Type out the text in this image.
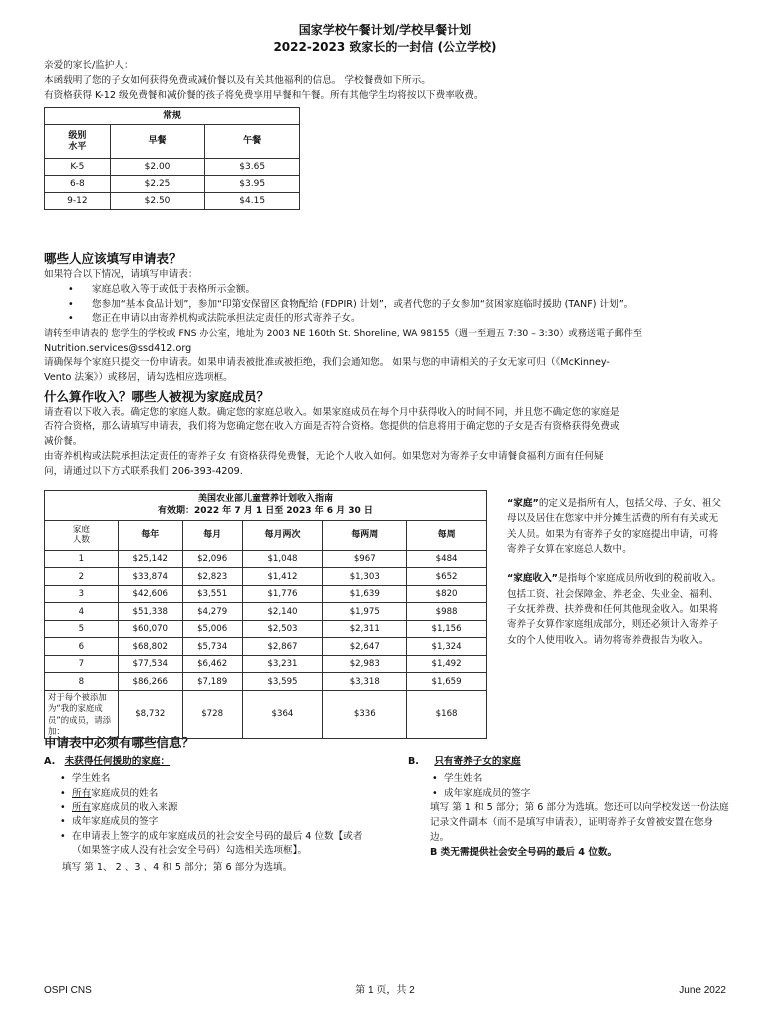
国家学校午餐计划/学校早餐计划
2022-2023 致家长的一封信 (公立学校)

亲爱的家长/监护人：

本函载明了您的子女如何获得免费或减价餐以及有关其他福利的信息。 学校餐费如下所示。

有资格获得 K-12 级免费餐和减价餐的孩子将免费享用早餐和午餐。所有其他学生均将按以下费率收费。

常规		
级别
水平	早餐	午餐
K-5	$2.00	$3.65
6-8	$2.25	$3.95
9-12	$2.50	$4.15
哪些人应该填写申请表？

如果符合以下情况，请填写申请表：

• 家庭总收入等于或低于表格所示金额。
• 您参加“基本食品计划”，参加“印第安保留区食物配给 (FDPIR) 计划”，或者代您的子女参加“贫困家庭临时援助 (TANF) 计划”。
• 您正在申请以由寄养机构或法院承担法定责任的形式寄养子女。

请转至申请表的 您学生的学校或 FNS 办公室，地址为 2003 NE 160th St. Shoreline, WA 98155（週一至週五 7:30 – 3:30）或務送電子郵件至

Nutrition.services@ssd412.org

请确保每个家庭只提交一份申请表。如果申请表被批准或被拒绝，我们会通知您。 如果与您的申请相关的子女无家可归（《McKinney-

Vento 法案》）或移居，请勾选相应选项框。

什么算作收入？哪些人被视为家庭成员？

请查看以下收入表。确定您的家庭人数。确定您的家庭总收入。如果家庭成员在每个月中获得收入的时间不同，并且您不确定您的家庭是

否符合资格，那么请填写申请表，我们将为您确定您在收入方面是否符合资格。您提供的信息将用于确定您的子女是否有资格获得免费或

减价餐。

由寄养机构或法院承担法定责任的寄养子女 有资格获得免费餐，无论个人收入如何。如果您对为寄养子女申请餐食福利方面有任何疑

问，请通过以下方式联系我们 206-393-4209.

美国农业部儿童营养计划收入指南
有效期：2022 年 7 月 1 日至 2023 年 6 月 30 日					

家庭
人数	每年	每月	每月两次	每两周	每周
1	$25,142	$2,096	$1,048	$967	$484
2	$33,874	$2,823	$1,412	$1,303	$652
3	$42,606	$3,551	$1,776	$1,639	$820
4	$51,338	$4,279	$2,140	$1,975	$988
5	$60,070	$5,006	$2,503	$2,311	$1,156
6	$68,802	$5,734	$2,867	$2,647	$1,324
7	$77,534	$6,462	$3,231	$2,983	$1,492
8	$86,266	$7,189	$3,595	$3,318	$1,659
对于每个被添加为“我的家庭成员”的成员，请添加：	$8,732	$728	$364	$336	$168

“家庭”的定义是指所有人，包括父母、子女、祖父母以及居住在您家中并分摊生活费的所有有关或无关人员。如果为有寄养子女的家庭提出申请，可将寄养子女算在家庭总人数中。

“家庭收入”是指每个家庭成员所收到的税前收入。包括工资、社会保障金、养老金、失业金、福利、 子女抚养费、扶养费和任何其他现金收入。如果将寄养子女算作家庭组成部分，则还必须计入寄养子女的个人使用收入。请勿将寄养费报告为收入。

申请表中必须有哪些信息？
A. 未获得任何援助的家庭：
• 学生姓名
• 所有家庭成员的姓名
• 所有家庭成员的收入来源
• 成年家庭成员的签字
• 在申请表上签字的成年家庭成员的社会安全号码的最后 4 位数【或者（如果签字成人没有社会安全号码）勾选相关选项框】。

填写 第 1、 2 、3 、4 和 5 部分；第 6 部分为选填。

B. 只有寄养子女的家庭
• 学生姓名
• 成年家庭成员的签字

填写 第 1 和 5 部分；第 6 部分为选填。您还可以向学校发送一份法庭记录文件副本（而不是填写申请表），证明寄养子女曾被安置在您身边。

B 类无需提供社会安全号码的最后 4 位数。

OSPI CNS	第 1 页，共 2	June 2022
